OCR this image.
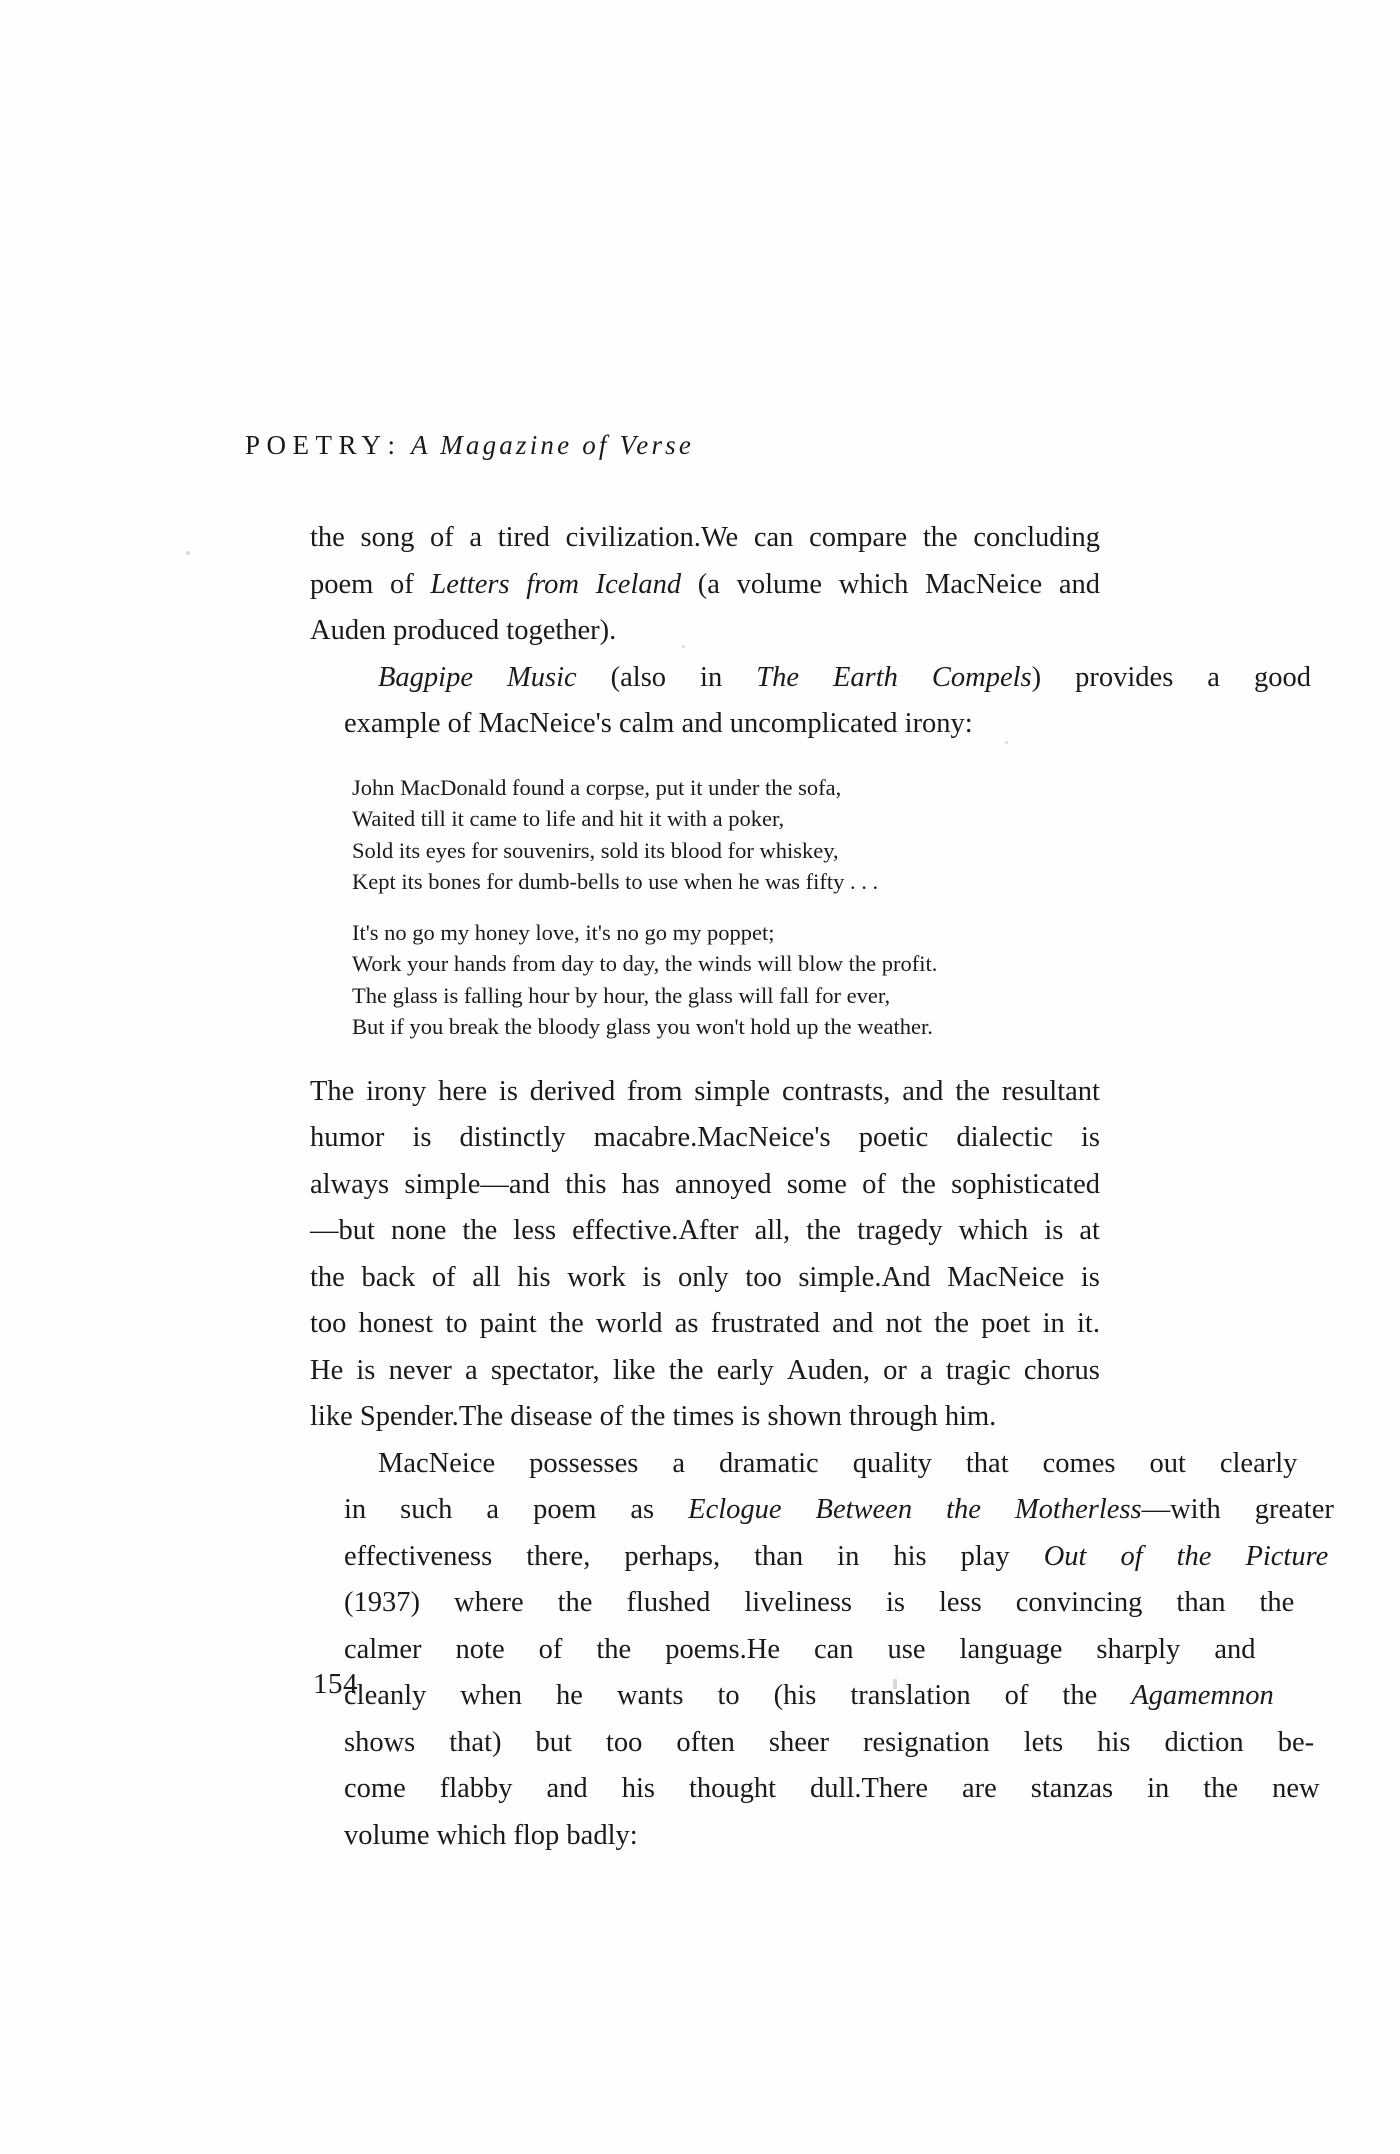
POETRY: A Magazine of Verse

the song of a tired civilization.We can compare the concluding
poem of Letters from Iceland (a volume which MacNeice and
Auden produced together).

Bagpipe	Music	(also	in	The	Earth	Compels)	provides	a	good
example of MacNeice's calm and uncomplicated irony:

John MacDonald found a corpse, put it under the sofa,
Waited till it came to life and hit it with a poker,
Sold its eyes for souvenirs, sold its blood for whiskey,
Kept its bones for dumb-bells to use when he was fifty . . .
It's no go my honey love, it's no go my poppet;
Work your hands from day to day, the winds will blow the profit.
The glass is falling hour by hour, the glass will fall for ever,
But if you break the bloody glass you won't hold up the weather.

The irony here is derived from simple contrasts, and the resultant
humor is distinctly macabre.MacNeice's poetic dialectic is
always simple—and this has annoyed some of the sophisticated
—but none the less effective.After all, the tragedy which is at
the back of all his work is only too simple.And MacNeice is
too honest to paint the world as frustrated and not the poet in it.
He is never a spectator, like the early Auden, or a tragic chorus
like Spender.The disease of the times is shown through him.

MacNeice	possesses	a	dramatic	quality	that	comes	out	clearly
in	such	a	poem	as	Eclogue	Between	the	Motherless—with	greater
effectiveness	there,	perhaps,	than	in	his	play	Out	of	the	Picture
(1937)	where	the	flushed	liveliness	is	less	convincing	than	the
calmer	note	of	the	poems.He	can	use	language	sharply	and
cleanly	when	he	wants	to	(his	translation	of	the	Agamemnon
shows	that)	but	too	often	sheer	resignation	lets	his	diction	be-
come	flabby	and	his	thought	dull.There	are	stanzas	in	the	new
volume which flop badly:

154
